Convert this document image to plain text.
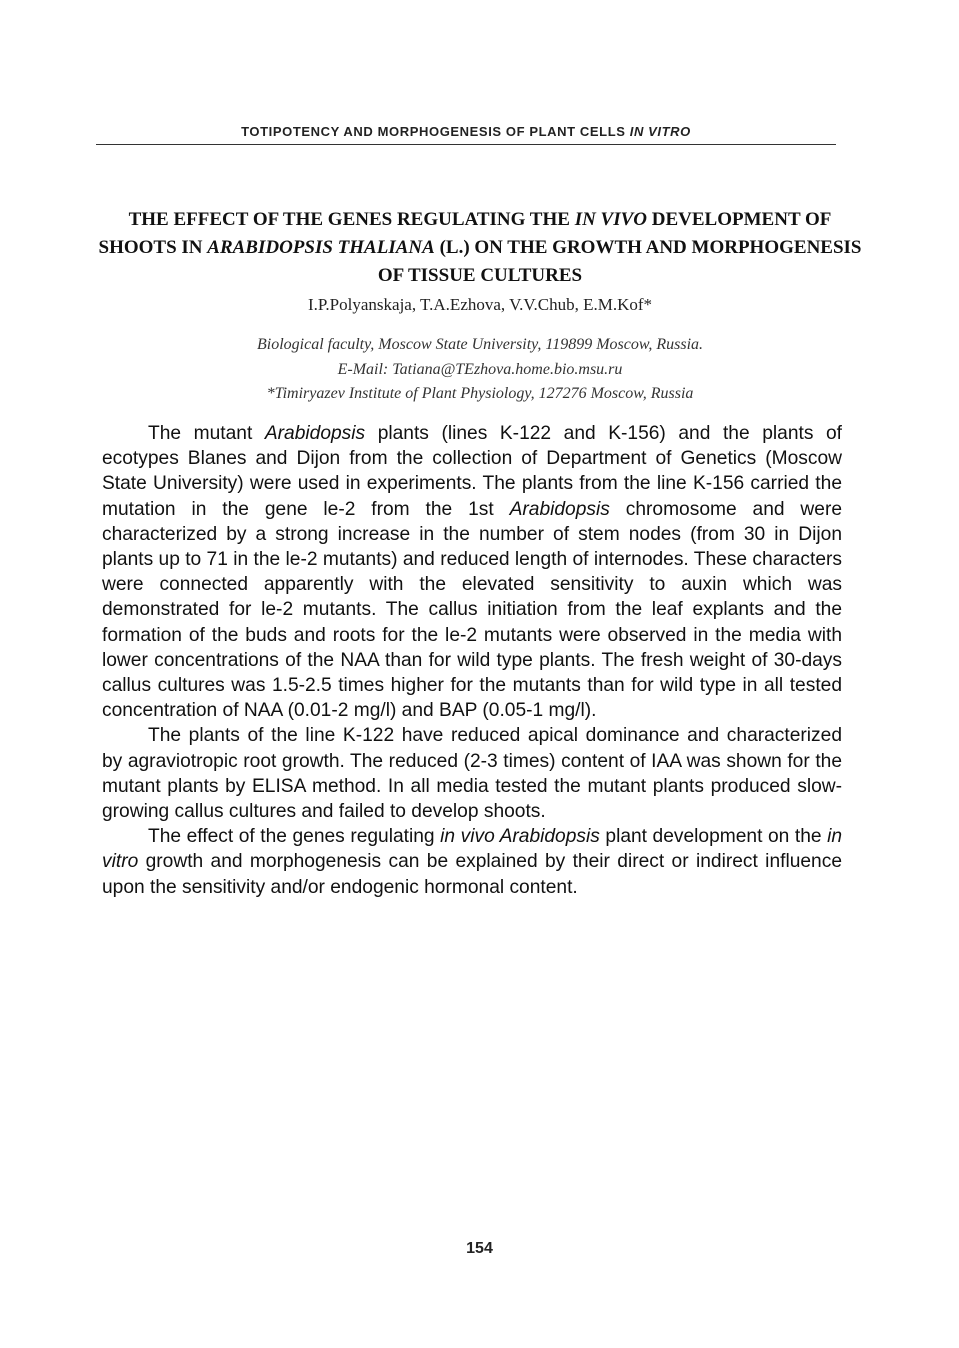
TOTIPOTENCY AND MORPHOGENESIS OF PLANT CELLS IN VITRO
THE EFFECT OF THE GENES REGULATING THE IN VIVO DEVELOPMENT OF SHOOTS IN ARABIDOPSIS THALIANA (L.) ON THE GROWTH AND MORPHOGENESIS OF TISSUE CULTURES
I.P.Polyanskaja, T.A.Ezhova, V.V.Chub, E.M.Kof*
Biological faculty, Moscow State University, 119899 Moscow, Russia.
E-Mail: Tatiana@TEzhova.home.bio.msu.ru
*Timiryazev Institute of Plant Physiology, 127276 Moscow, Russia

The mutant Arabidopsis plants (lines K-122 and K-156) and the plants of ecotypes Blanes and Dijon from the collection of Department of Genetics (Moscow State University) were used in experiments. The plants from the line K-156 carried the mutation in the gene le-2 from the 1st Arabidopsis chromosome and were characterized by a strong increase in the number of stem nodes (from 30 in Dijon plants up to 71 in the le-2 mutants) and reduced length of internodes. These characters were connected apparently with the elevated sensitivity to auxin which was demonstrated for le-2 mutants. The callus initiation from the leaf explants and the formation of the buds and roots for the le-2 mutants were observed in the media with lower concentrations of the NAA than for wild type plants. The fresh weight of 30-days callus cultures was 1.5-2.5 times higher for the mutants than for wild type in all tested concentration of NAA (0.01-2 mg/l) and BAP (0.05-1 mg/l).

The plants of the line K-122 have reduced apical dominance and characterized by agraviotropic root growth. The reduced (2-3 times) content of IAA was shown for the mutant plants by ELISA method. In all media tested the mutant plants produced slow- growing callus cultures and failed to develop shoots.

The effect of the genes regulating in vivo Arabidopsis plant development on the in vitro growth and morphogenesis can be explained by their direct or indirect influence upon the sensitivity and/or endogenic hormonal content.

154
